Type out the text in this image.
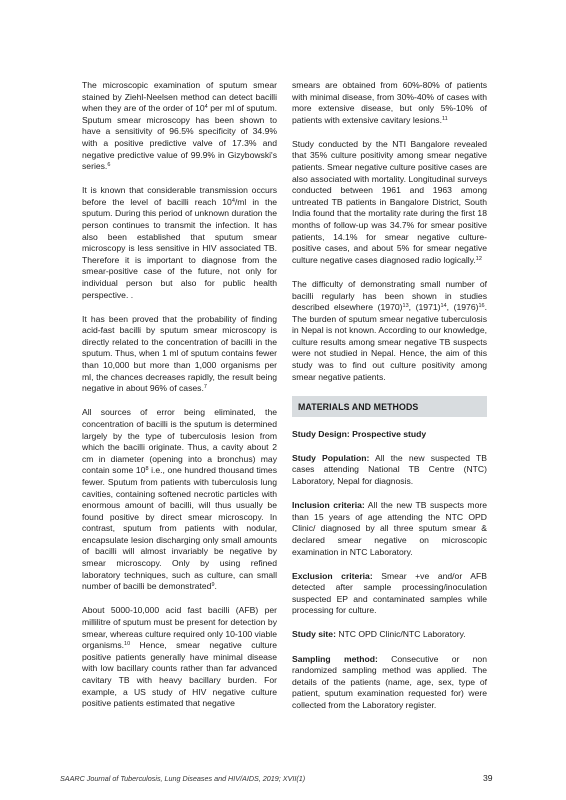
The microscopic examination of sputum smear stained by Ziehl-Neelsen method can detect bacilli when they are of the order of $10^4$ per ml of sputum. Sputum smear microscopy has been shown to have a sensitivity of 96.5% specificity of 34.9% with a positive predictive valve of 17.3% and negative predictive value of 99.9% in Gizybowski's series.$^6$

It is known that considerable transmission occurs before the level of bacilli reach $10^4/ml$ in the sputum. During this period of unknown duration the person continues to transmit the infection. It has also been established that sputum smear microscopy is less sensitive in HIV associated TB. Therefore it is important to diagnose from the smear-positive case of the future, not only for individual person but also for public health perspective. .

It has been proved that the probability of finding acid-fast bacilli by sputum smear microscopy is directly related to the concentration of bacilli in the sputum. Thus, when 1 ml of sputum contains fewer than 10,000 but more than 1,000 organisms per ml, the chances decreases rapidly, the result being negative in about 96% of cases.$^7$

All sources of error being eliminated, the concentration of bacilli is the sputum is determined largely by the type of tuberculosis lesion from which the bacilli originate. Thus, a cavity about 2 cm in diameter (opening into a bronchus) may contain some $10^8$ i.e., one hundred thousand times fewer. Sputum from patients with tuberculosis lung cavities, containing softened necrotic particles with enormous amount of bacilli, will thus usually be found positive by direct smear microscopy. In contrast, sputum from patients with nodular, encapsulate lesion discharging only small amounts of bacilli will almost invariably be negative by smear microscopy. Only by using refined laboratory techniques, such as culture, can small number of bacilli be demonstrated$^9$.

About 5000-10,000 acid fast bacilli (AFB) per millilitre of sputum must be present for detection by smear, whereas culture required only 10-100 viable organisms.$^{10}$ Hence, smear negative culture positive patients generally have minimal disease with low bacillary counts rather than far advanced cavitary TB with heavy bacillary burden. For example, a US study of HIV negative culture positive patients estimated that negative

smears are obtained from 60%-80% of patients with minimal disease, from 30%-40% of cases with more extensive disease, but only 5%-10% of patients with extensive cavitary lesions.$^{11}$

Study conducted by the NTI Bangalore revealed that 35% culture positivity among smear negative patients. Smear negative culture positive cases are also associated with mortality. Longitudinal surveys conducted between 1961 and 1963 among untreated TB patients in Bangalore District, South India found that the mortality rate during the first 18 months of follow-up was 34.7% for smear positive patients, 14.1% for smear negative culture- positive cases, and about 5% for smear negative culture negative cases diagnosed radio logically.$^{12}$

The difficulty of demonstrating small number of bacilli regularly has been shown in studies described elsewhere $(1970)^{13}$, $(1971)^{14}$, $(1976)^{16}$. The burden of sputum smear negative tuberculosis in Nepal is not known. According to our knowledge, culture results among smear negative TB suspects were not studied in Nepal. Hence, the aim of this study was to find out culture positivity among smear negative patients.

MATERIALS AND METHODS

Study Design: Prospective study

Study Population: All the new suspected TB cases attending National TB Centre (NTC) Laboratory, Nepal for diagnosis.

Inclusion criteria: All the new TB suspects more than 15 years of age attending the NTC OPD Clinic/ diagnosed by all three sputum smear & declared smear negative on microscopic examination in NTC Laboratory.

Exclusion criteria: Smear +ve and/or AFB detected after sample processing/inoculation suspected EP and contaminated samples while processing for culture.

Study site: NTC OPD Clinic/NTC Laboratory.

Sampling method: Consecutive or non randomized sampling method was applied. The details of the patients (name, age, sex, type of patient, sputum examination requested for) were collected from the Laboratory register.

SAARC Journal of Tuberculosis, Lung Diseases and HIV/AIDS, 2019; XVII(1)	39
